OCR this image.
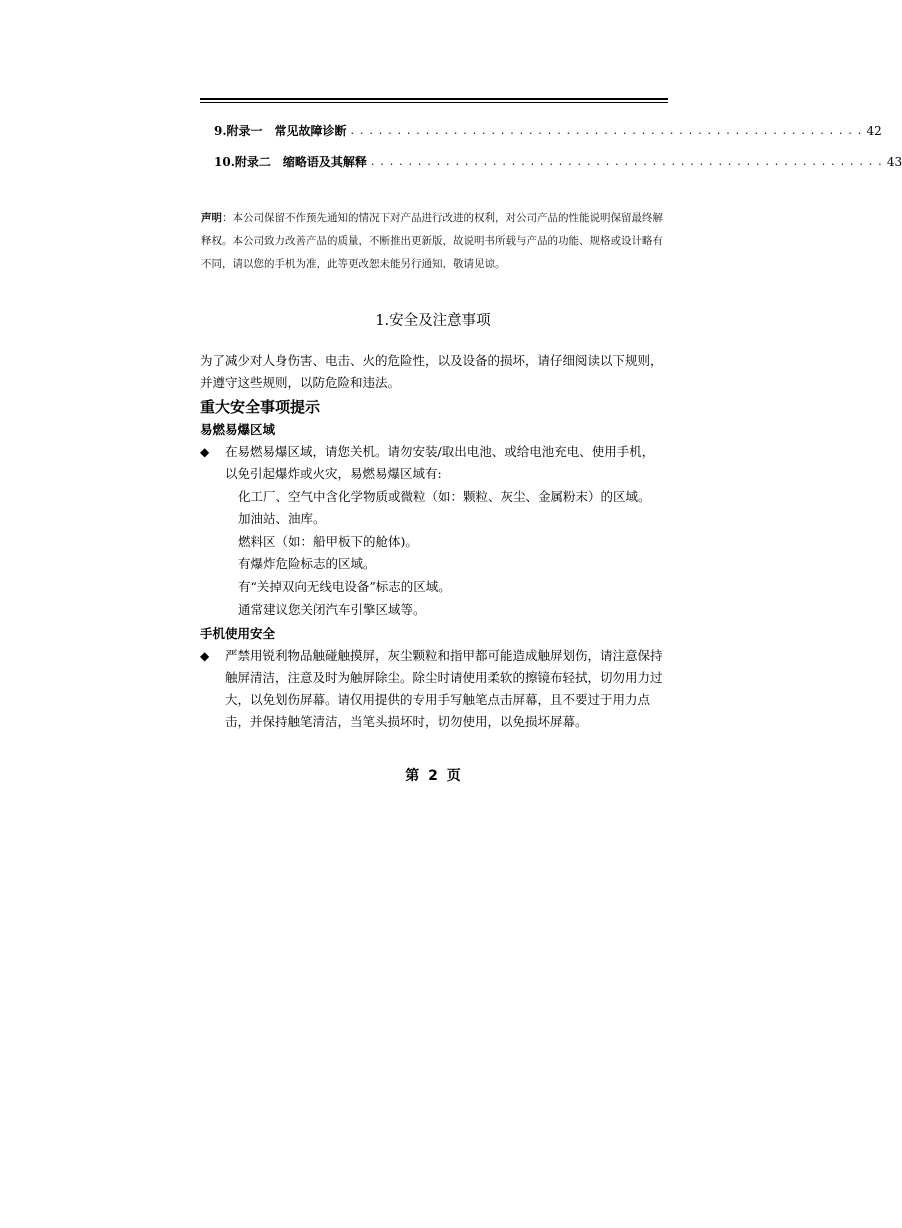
9.附录一 常见故障诊断 . . . . . . . . . . . . . . . . . . . . . . . . . . . . . . . . . . . . . . . . . . . . . . . . . . . . . . . 42
10.附录二 缩略语及其解释 . . . . . . . . . . . . . . . . . . . . . . . . . . . . . . . . . . . . . . . . . . . . . . . . . . . . . . . 43
声明：本公司保留不作预先通知的情况下对产品进行改进的权利，对公司产品的性能说明保留最终解释权。本公司致力改善产品的质量，不断推出更新版，故说明书所载与产品的功能、规格或设计略有不同，请以您的手机为准，此等更改恕未能另行通知，敬请见谅。
1.安全及注意事项
为了减少对人身伤害、电击、火的危险性，以及设备的损坏，请仔细阅读以下规则，并遵守这些规则，以防危险和违法。
重大安全事项提示
易燃易爆区域
◆	在易燃易爆区域，请您关机。请勿安装/取出电池、或给电池充电、使用手机，以免引起爆炸或火灾，易燃易爆区域有:
化工厂、空气中含化学物质或微粒（如：颗粒、灰尘、金属粉末）的区域。
加油站、油库。
燃料区（如：船甲板下的舱体)。
有爆炸危险标志的区域。
有“关掉双向无线电设备”标志的区域。
通常建议您关闭汽车引擎区域等。
手机使用安全
◆	严禁用锐利物品触碰触摸屏，灰尘颗粒和指甲都可能造成触屏划伤，请注意保持触屏清洁，注意及时为触屏除尘。除尘时请使用柔软的擦镜布轻拭，切勿用力过大，以免划伤屏幕。请仅用提供的专用手写触笔点击屏幕，且不要过于用力点击，并保持触笔清洁，当笔头损坏时，切勿使用，以免损坏屏幕。
第 2 页
